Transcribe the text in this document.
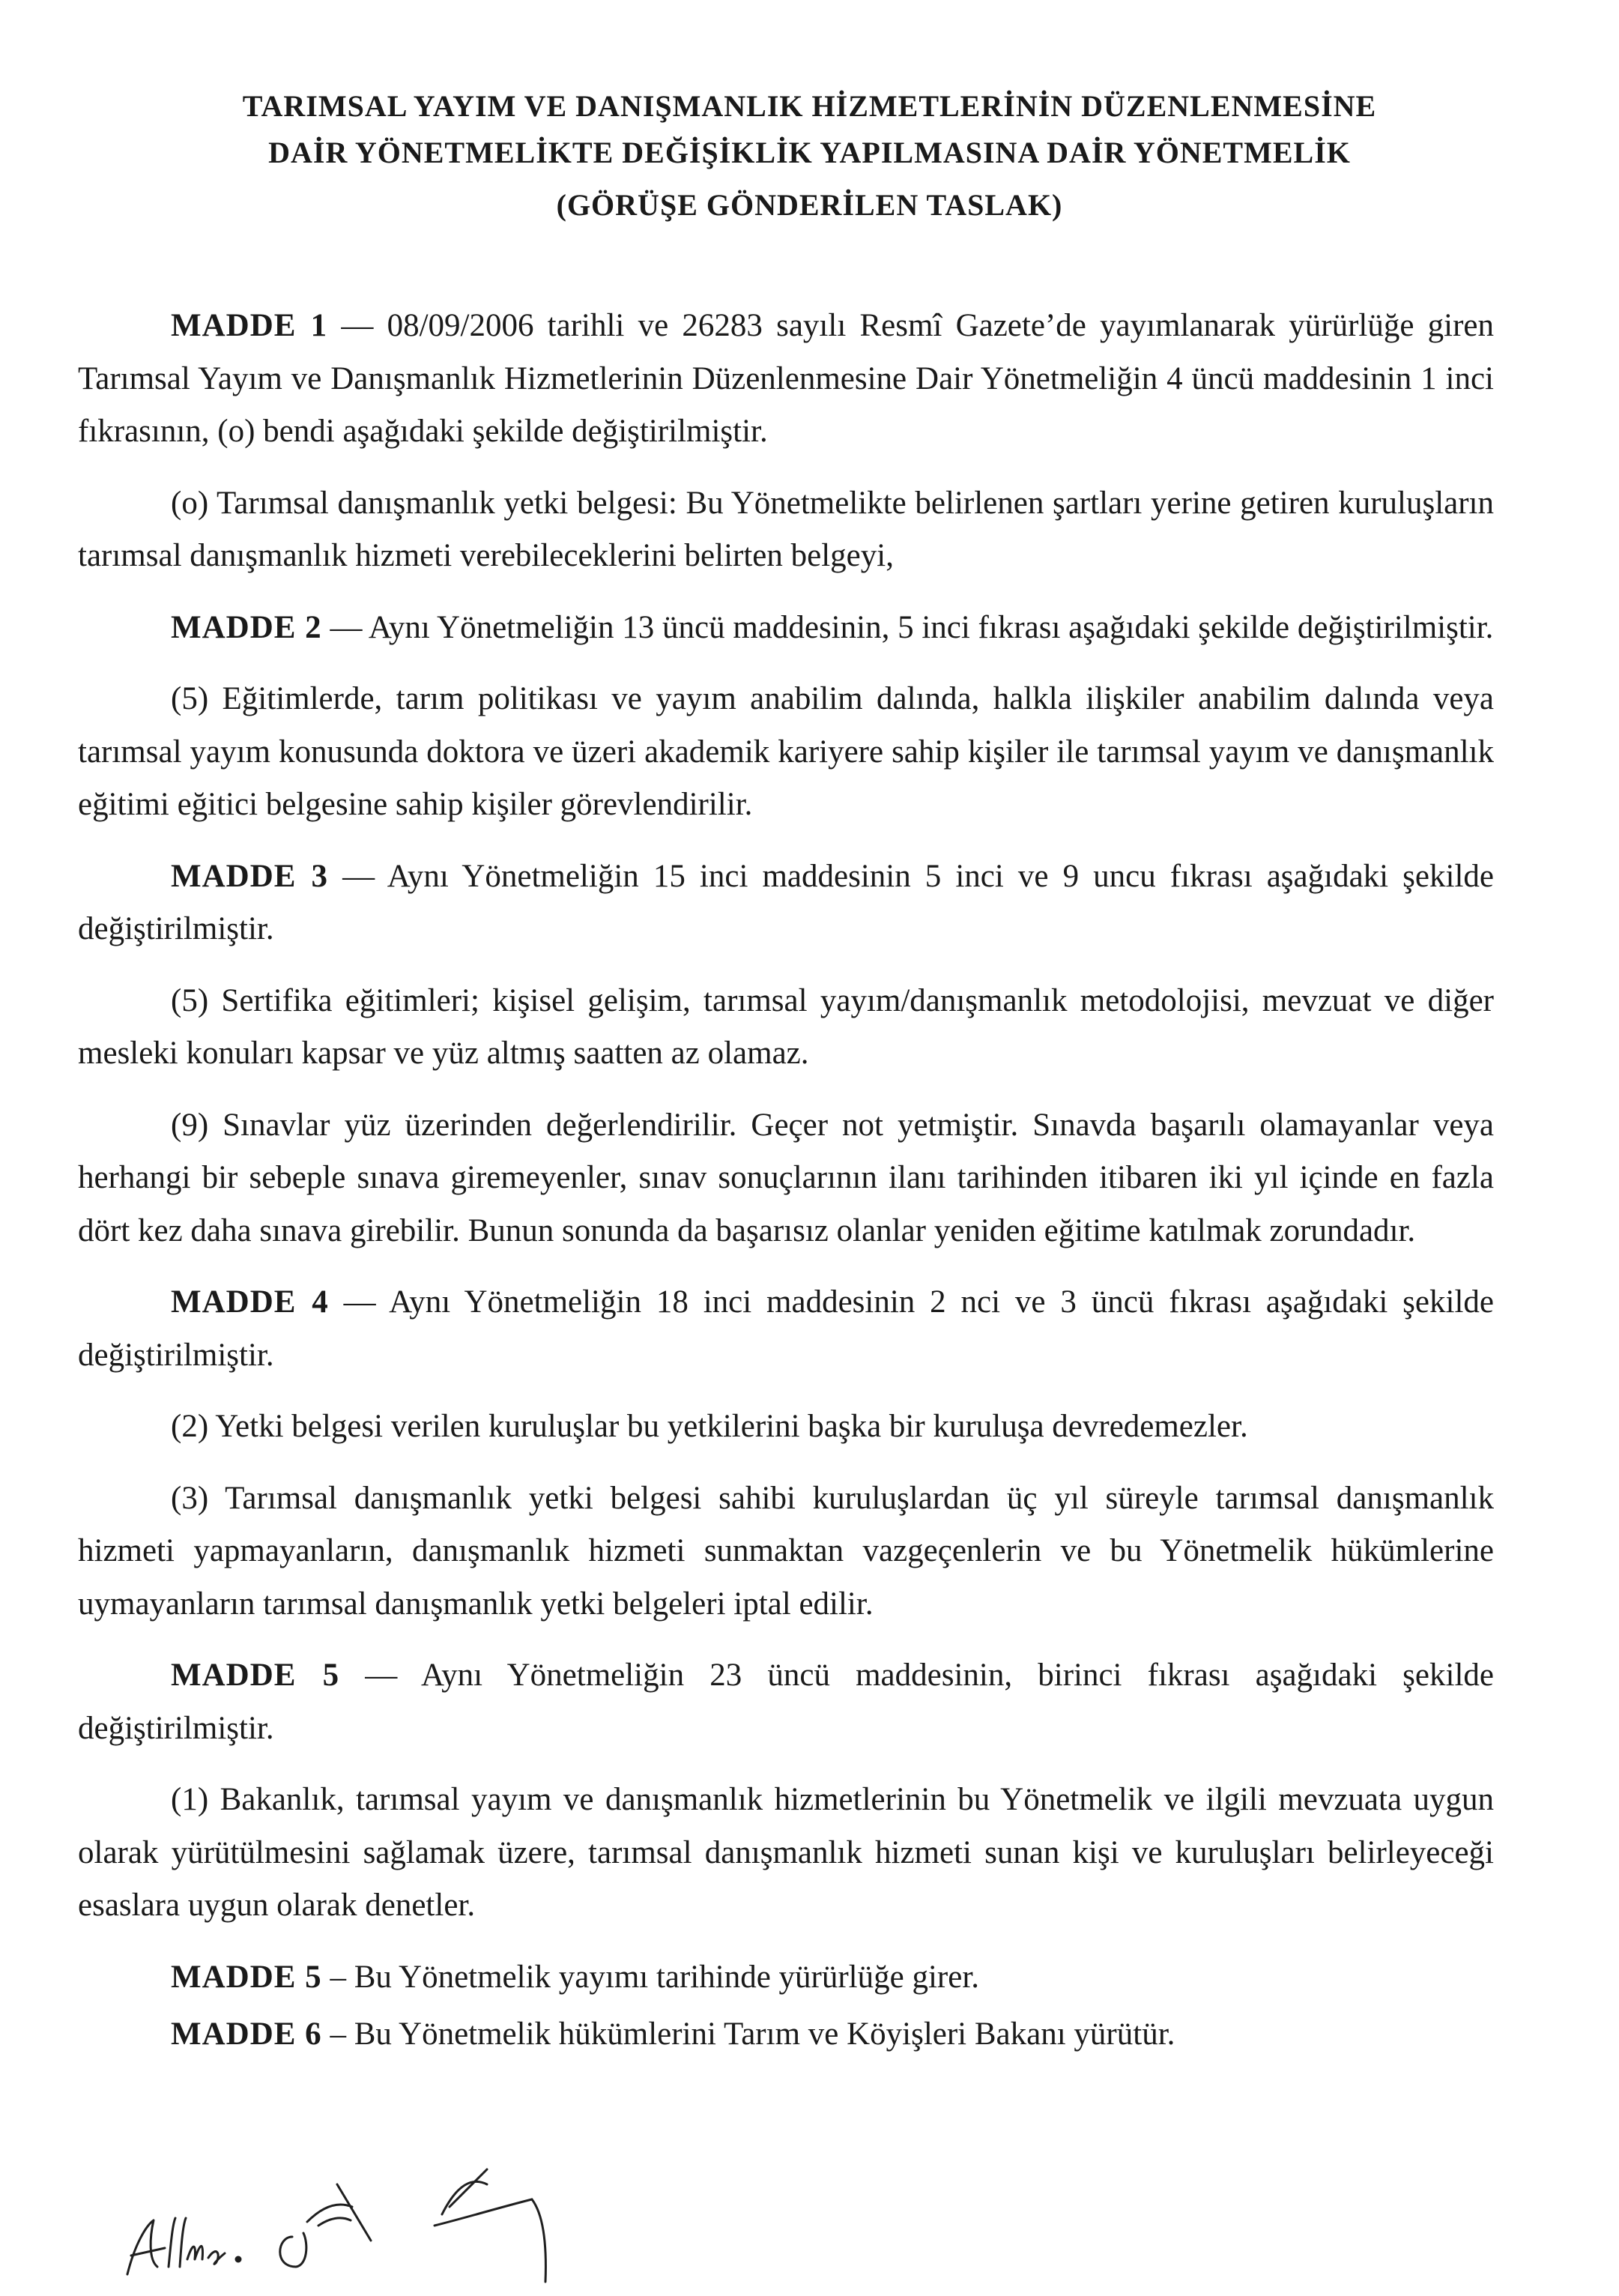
TARIMSAL YAYIM VE DANIŞMANLIK HİZMETLERİNİN DÜZENLENMESİNE
DAİR YÖNETMELİKTE DEĞİŞİKLİK YAPILMASINA DAİR YÖNETMELİK
(GÖRÜŞE GÖNDERİLEN TASLAK)

MADDE 1 — 08/09/2006 tarihli ve 26283 sayılı Resmî Gazete’de yayımlanarak yürürlüğe giren Tarımsal Yayım ve Danışmanlık Hizmetlerinin Düzenlenmesine Dair Yönetmeliğin 4 üncü maddesinin 1 inci fıkrasının, (o) bendi aşağıdaki şekilde değiştirilmiştir.

(o) Tarımsal danışmanlık yetki belgesi: Bu Yönetmelikte belirlenen şartları yerine getiren kuruluşların tarımsal danışmanlık hizmeti verebileceklerini belirten belgeyi,

MADDE 2 — Aynı Yönetmeliğin 13 üncü maddesinin, 5 inci fıkrası aşağıdaki şekilde değiştirilmiştir.

(5) Eğitimlerde, tarım politikası ve yayım anabilim dalında, halkla ilişkiler anabilim dalında veya tarımsal yayım konusunda doktora ve üzeri akademik kariyere sahip kişiler ile tarımsal yayım ve danışmanlık eğitimi eğitici belgesine sahip kişiler görevlendirilir.

MADDE 3 — Aynı Yönetmeliğin 15 inci maddesinin 5 inci ve 9 uncu fıkrası aşağıdaki şekilde değiştirilmiştir.

(5) Sertifika eğitimleri; kişisel gelişim, tarımsal yayım/danışmanlık metodolojisi, mevzuat ve diğer mesleki konuları kapsar ve yüz altmış saatten az olamaz.

(9) Sınavlar yüz üzerinden değerlendirilir. Geçer not yetmiştir. Sınavda başarılı olamayanlar veya herhangi bir sebeple sınava giremeyenler, sınav sonuçlarının ilanı tarihinden itibaren iki yıl içinde en fazla dört kez daha sınava girebilir. Bunun sonunda da başarısız olanlar yeniden eğitime katılmak zorundadır.

MADDE 4 — Aynı Yönetmeliğin 18 inci maddesinin 2 nci ve 3 üncü fıkrası aşağıdaki şekilde değiştirilmiştir.

(2) Yetki belgesi verilen kuruluşlar bu yetkilerini başka bir kuruluşa devredemezler.

(3) Tarımsal danışmanlık yetki belgesi sahibi kuruluşlardan üç yıl süreyle tarımsal danışmanlık hizmeti yapmayanların, danışmanlık hizmeti sunmaktan vazgeçenlerin ve bu Yönetmelik hükümlerine uymayanların tarımsal danışmanlık yetki belgeleri iptal edilir.

MADDE 5 — Aynı Yönetmeliğin 23 üncü maddesinin, birinci fıkrası aşağıdaki şekilde değiştirilmiştir.

(1) Bakanlık, tarımsal yayım ve danışmanlık hizmetlerinin bu Yönetmelik ve ilgili mevzuata uygun olarak yürütülmesini sağlamak üzere, tarımsal danışmanlık hizmeti sunan kişi ve kuruluşları belirleyeceği esaslara uygun olarak denetler.

MADDE 5 – Bu Yönetmelik yayımı tarihinde yürürlüğe girer.

MADDE 6 – Bu Yönetmelik hükümlerini Tarım ve Köyişleri Bakanı yürütür.
